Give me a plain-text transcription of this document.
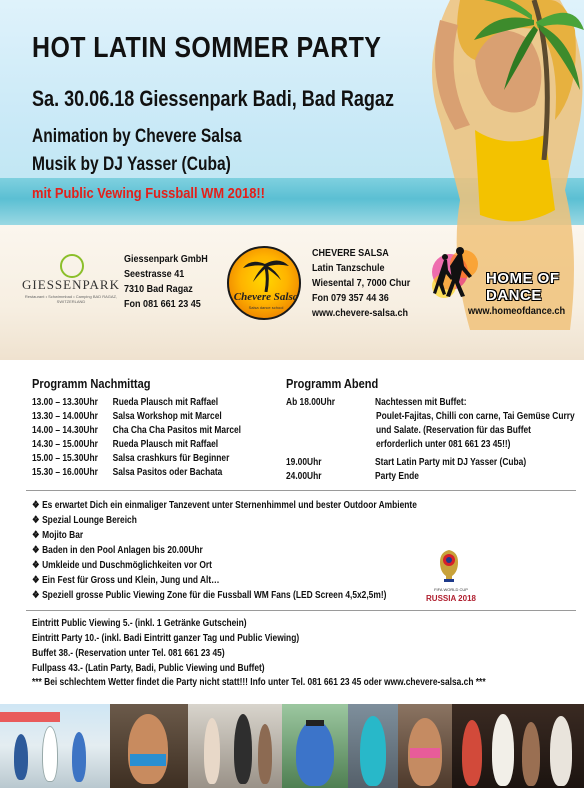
HOT LATIN SOMMER PARTY
Sa. 30.06.18 Giessenpark Badi, Bad Ragaz
Animation by Chevere Salsa
Musik by DJ Yasser (Cuba)
mit Public Vewing Fussball WM 2018!!
GIESSENPARK
Restaurant • Schwimmbad • Camping BAD RAGAZ, SWITZERLAND
Giessenpark GmbH
Seestrasse 41
7310 Bad Ragaz
Fon 081 661 23 45
Chevere Salsa
Salsa dance school
CHEVERE SALSA
Latin Tanzschule
Wiesental 7, 7000 Chur
Fon 079 357 44 36
www.chevere-salsa.ch
HOME OF DANCE
www.homeofdance.ch
Programm Nachmittag
13.00 – 13.30Uhr Rueda Plausch mit Raffael
13.30 – 14.00Uhr Salsa Workshop mit Marcel
14.00 – 14.30Uhr Cha Cha Cha Pasitos mit Marcel
14.30 – 15.00Uhr Rueda Plausch mit Raffael
15.00 – 15.30Uhr Salsa crashkurs für Beginner
15.30 – 16.00Uhr Salsa Pasitos oder Bachata
Programm Abend
Ab 18.00Uhr	Nachtessen mit Buffet:
Poulet-Fajitas, Chilli con carne, Tai Gemüse Curry und Salate. (Reservation für das Buffet erforderlich unter 081 661 23 45!!)
19.00Uhr	Start Latin Party mit DJ Yasser (Cuba)
24.00Uhr	Party Ende
❖ Es erwartet Dich ein einmaliger Tanzevent unter Sternenhimmel und bester Outdoor Ambiente
❖ Spezial Lounge Bereich
❖ Mojito Bar
❖ Baden in den Pool Anlagen bis 20.00Uhr
❖ Umkleide und Duschmöglichkeiten vor Ort
❖ Ein Fest für Gross und Klein, Jung und Alt…
❖ Speziell grosse Public Viewing Zone für die Fussball WM Fans (LED Screen 4,5x2,5m!)
FIFA WORLD CUP
RUSSIA 2018
Eintritt Public Viewing 5.- (inkl. 1 Getränke Gutschein)
Eintritt Party 10.- (inkl. Badi Eintritt ganzer Tag und Public Viewing)
Buffet 38.- (Reservation unter Tel. 081 661 23 45)
Fullpass 43.- (Latin Party, Badi, Public Viewing und Buffet)
*** Bei schlechtem Wetter findet die Party nicht statt!!! Info unter Tel. 081 661 23 45 oder www.chevere-salsa.ch ***
